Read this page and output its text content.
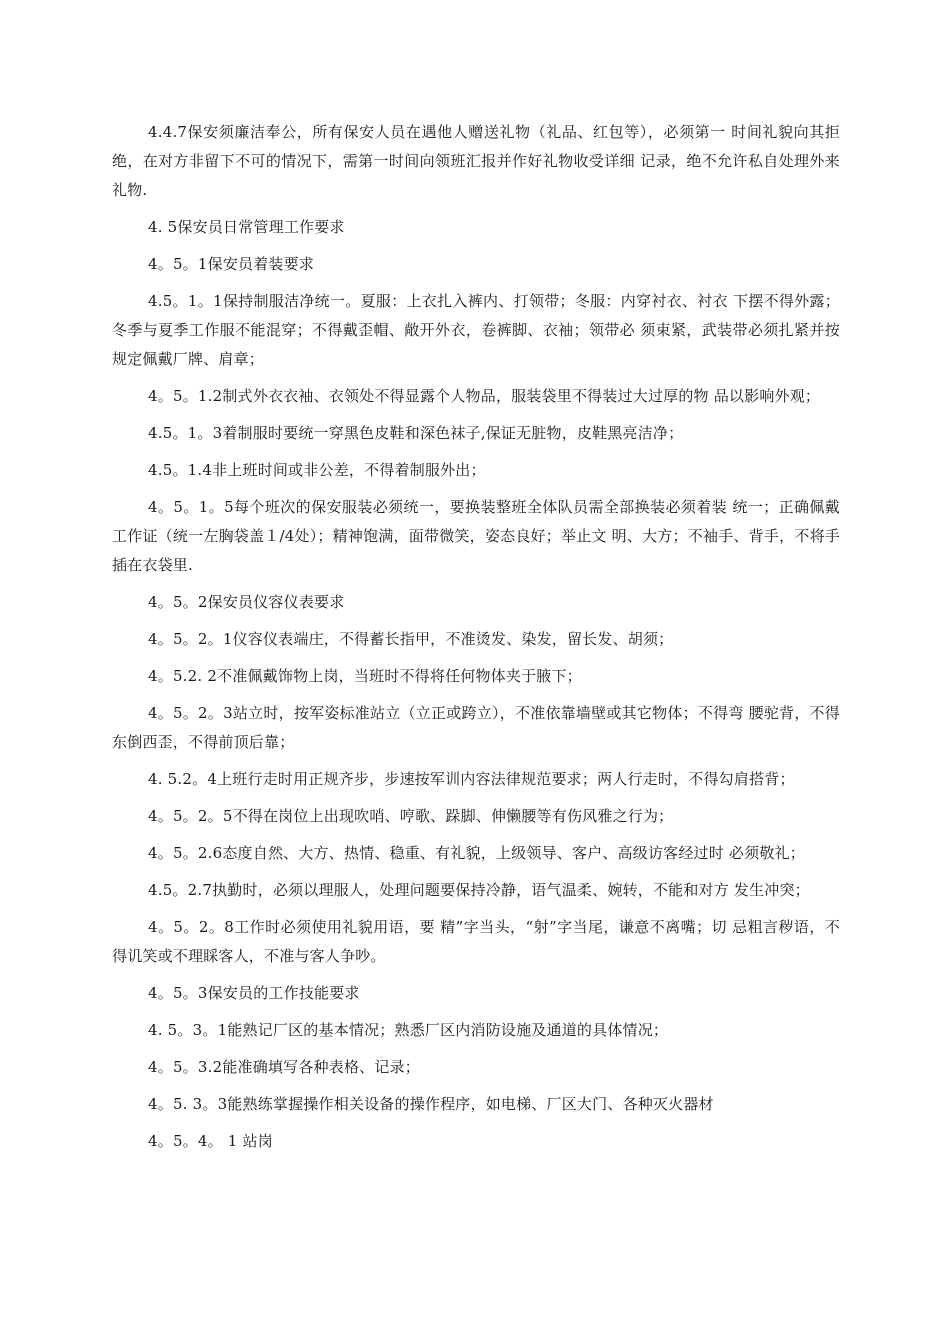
4.4.7保安须廉洁奉公，所有保安人员在遇他人赠送礼物（礼品、红包等），必须第一 时间礼貌向其拒绝，在对方非留下不可的情况下，需第一时间向领班汇报并作好礼物收受详细 记录，绝不允许私自处理外来礼物.

4. 5保安员日常管理工作要求

4。5。1保安员着装要求

4.5。1。1保持制服洁净统一。夏服：上衣扎入裤内、打领带；冬服：内穿衬衣、衬衣 下摆不得外露；冬季与夏季工作服不能混穿；不得戴歪帽、敞开外衣，卷裤脚、衣袖；领带必 须束紧，武装带必须扎紧并按规定佩戴厂牌、肩章；

4。5。1.2制式外衣衣袖、衣领处不得显露个人物品，服装袋里不得装过大过厚的物 品以影响外观；

4.5。1。3着制服时要统一穿黑色皮鞋和深色袜子,保证无脏物，皮鞋黑亮洁净；

4.5。1.4非上班时间或非公差，不得着制服外出；

4。5。1。5每个班次的保安服装必须统一，要换装整班全体队员需全部换装必须着装 统一；正确佩戴工作证（统一左胸袋盖１/4处）；精神饱满，面带微笑，姿态良好；举止文 明、大方；不袖手、背手，不将手插在衣袋里.

4。5。2保安员仪容仪表要求

4。5。2。1仪容仪表端庄，不得蓄长指甲，不准烫发、染发，留长发、胡须；

4。5.2. 2不准佩戴饰物上岗，当班时不得将任何物体夹于腋下；

4。5。2。3站立时，按军姿标准站立（立正或跨立），不准依靠墙壁或其它物体；不得弯 腰驼背，不得东倒西歪，不得前顶后靠；

4. 5.2。4上班行走时用正规齐步，步速按军训内容法律规范要求；两人行走时，不得勾肩搭背；

4。5。2。5不得在岗位上出现吹哨、哼歌、跺脚、伸懒腰等有伤风雅之行为；

4。5。2.6态度自然、大方、热情、稳重、有礼貌，上级领导、客户、高级访客经过时 必须敬礼；

4.5。2.7执勤时，必须以理服人，处理问题要保持冷静，语气温柔、婉转，不能和对方 发生冲突；

4。5。2。8工作时必须使用礼貌用语，要 精”字当头，“射”字当尾，谦意不离嘴；切 忌粗言秽语，不得讥笑或不理睬客人，不准与客人争吵。

4。5。3保安员的工作技能要求

4. 5。3。1能熟记厂区的基本情况；熟悉厂区内消防设施及通道的具体情况；

4。5。3.2能准确填写各种表格、记录；

4。5. 3。3能熟练掌握操作相关设备的操作程序，如电梯、厂区大门、各种灭火器材

4。5。4。 1 站岗
